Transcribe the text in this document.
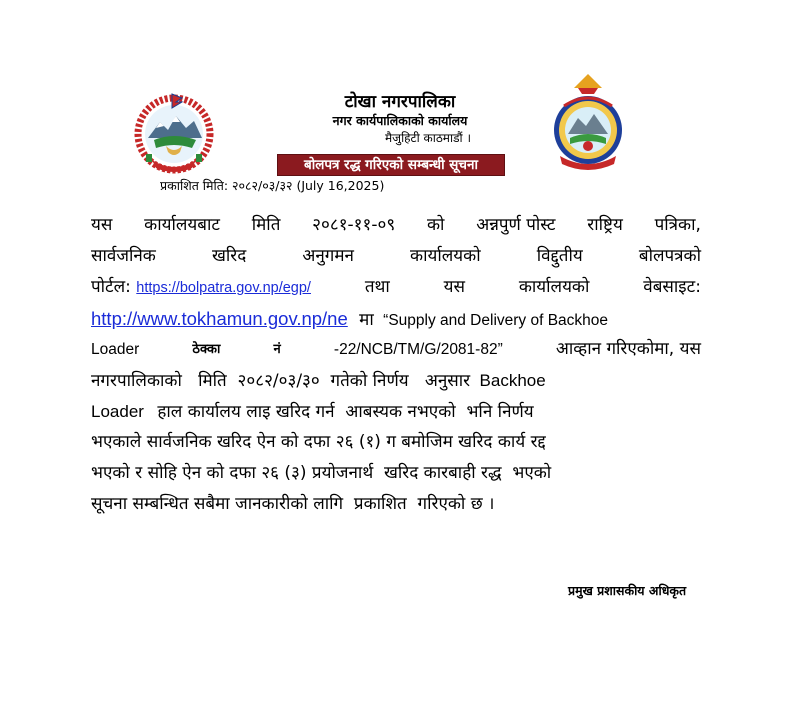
टोखा नगरपालिका
नगर कार्यपालिकाको कार्यालय
मैजुहिटी काठमाडौं ।
बोलपत्र रद्ध गरिएको सम्बन्धी सूचना
प्रकाशित मिति: २०८२/०३/३२ (July 16,2025)
यस कार्यालयबाट मिति २०८१-११-०९ को अन्नपुर्ण पोस्ट राष्ट्रिय पत्रिका,
सार्वजनिक	खरिद	अनुगमन	कार्यालयको	विद्दुतीय	बोलपत्रको
पोर्टल: https://bolpatra.gov.np/egp/	तथा	यस	कार्यालयको	वेबसाइट:
http://www.tokhamun.gov.np/ne मा “Supply and Delivery of Backhoe
Loader	ठेक्का	नं	-22/NCB/TM/G/2081-82”	आव्हान गरिएकोमा, यस
नगरपालिकाको   मिति  २०८२/०३/३०  गतेको निर्णय   अनुसार Backhoe
Loader हाल कार्यालय लाइ खरिद गर्न  आबस्यक नभएको  भनि निर्णय
भएकाले सार्वजनिक खरिद ऐन को दफा २६ (१) ग बमोजिम खरिद कार्य रद्द
भएको र सोहि ऐन को दफा २६ (३) प्रयोजनार्थ  खरिद कारबाही रद्ध  भएको
सूचना सम्बन्धित सबैमा जानकारीको लागि  प्रकाशित  गरिएको छ ।
प्रमुख प्रशासकीय अधिकृत
